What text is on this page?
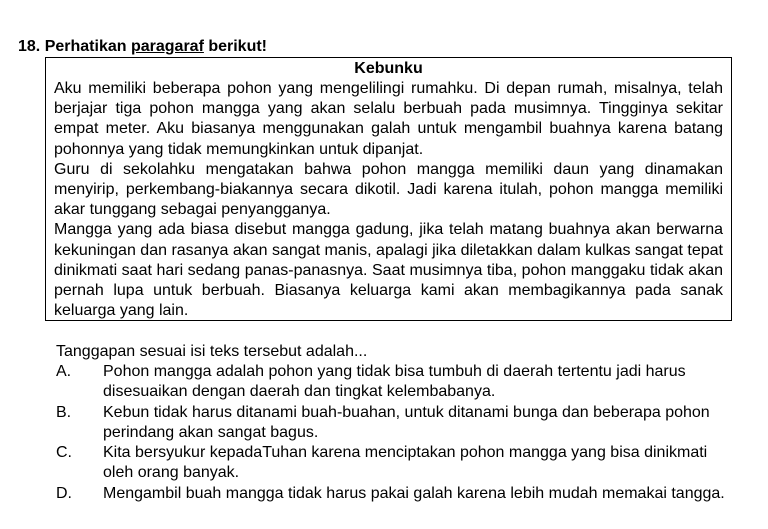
18. Perhatikan paragaraf berikut!
Kebunku

Aku memiliki beberapa pohon yang mengelilingi rumahku. Di depan rumah, misalnya, telah berjajar tiga pohon mangga yang akan selalu berbuah pada musimnya. Tingginya sekitar empat meter. Aku biasanya menggunakan galah untuk mengambil buahnya karena batang pohonnya yang tidak memungkinkan untuk dipanjat.

Guru di sekolahku mengatakan bahwa pohon mangga memiliki daun yang dinamakan menyirip, perkembang-biakannya secara dikotil. Jadi karena itulah, pohon mangga memiliki akar tunggang sebagai penyangganya.

Mangga yang ada biasa disebut mangga gadung, jika telah matang buahnya akan berwarna kekuningan dan rasanya akan sangat manis, apalagi jika diletakkan dalam kulkas sangat tepat dinikmati saat hari sedang panas-panasnya. Saat musimnya tiba, pohon manggaku tidak akan pernah lupa untuk berbuah. Biasanya keluarga kami akan membagikannya pada sanak keluarga yang lain.

Tanggapan sesuai isi teks tersebut adalah...
A. Pohon mangga adalah pohon yang tidak bisa tumbuh di daerah tertentu jadi harus disesuaikan dengan daerah dan tingkat kelembabanya.
B. Kebun tidak harus ditanami buah-buahan, untuk ditanami bunga dan beberapa pohon perindang akan sangat bagus.
C. Kita bersyukur kepadaTuhan karena menciptakan pohon mangga yang bisa dinikmati oleh orang banyak.
D. Mengambil buah mangga tidak harus pakai galah karena lebih mudah memakai tangga.
